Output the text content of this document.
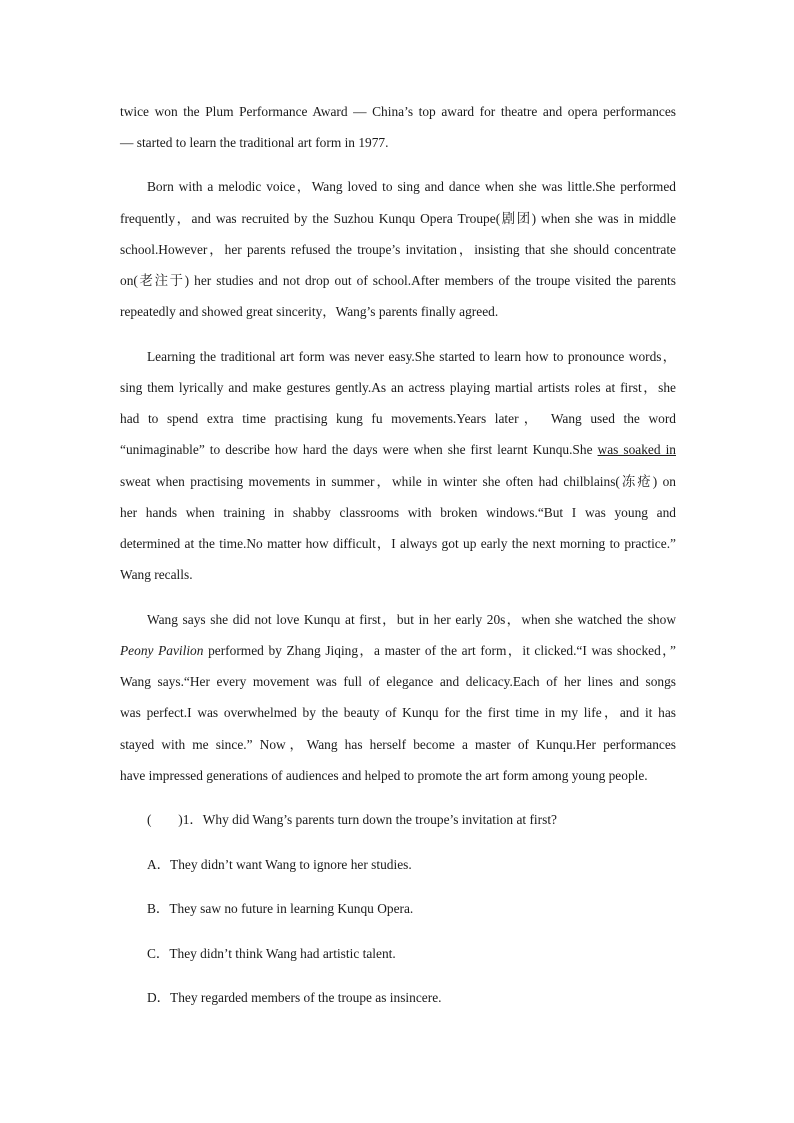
twice won the Plum Performance Award — China’s top award for theatre and opera performances
— started to learn the traditional art form in 1977.
Born with a melodic voice，Wang loved to sing and dance when she was little.She performed
frequently，and was recruited by the Suzhou Kunqu Opera Troupe(剧团) when she was in middle
school.However，her parents refused the troupe’s invitation，insisting that she should concentrate
on(老注于) her studies and not drop out of school.After members of the troupe visited the parents
repeatedly and showed great sincerity，Wang’s parents finally agreed.
Learning the traditional art form was never easy.She started to learn how to pronounce words，
sing them lyrically and make gestures gently.As an actress playing martial artists roles at first，she
had to spend extra time practising kung fu movements.Years later， Wang used the word
“unimaginable” to describe how hard the days were when she first learnt Kunqu.She was soaked in
sweat when practising movements in summer，while in winter she often had chilblains(冻疮) on
her hands when training in shabby classrooms with broken windows.“But I was young and
determined at the time.No matter how difficult，I always got up early the next morning to practice.”
Wang recalls.
Wang says she did not love Kunqu at first，but in her early 20s，when she watched the show
Peony Pavilion performed by Zhang Jiqing，a master of the art form，it clicked.“I was shocked，”
Wang says.“Her every movement was full of elegance and delicacy.Each of her lines and songs
was perfect.I was overwhelmed by the beauty of Kunqu for the first time in my life，and it has
stayed with me since.” Now，Wang has herself become a master of Kunqu.Her performances
have impressed generations of audiences and helped to promote the art form among young people.
(　　)1．Why did Wang’s parents turn down the troupe’s invitation at first?
A．They didn’t want Wang to ignore her studies.
B．They saw no future in learning Kunqu Opera.
C．They didn’t think Wang had artistic talent.
D．They regarded members of the troupe as insincere.
